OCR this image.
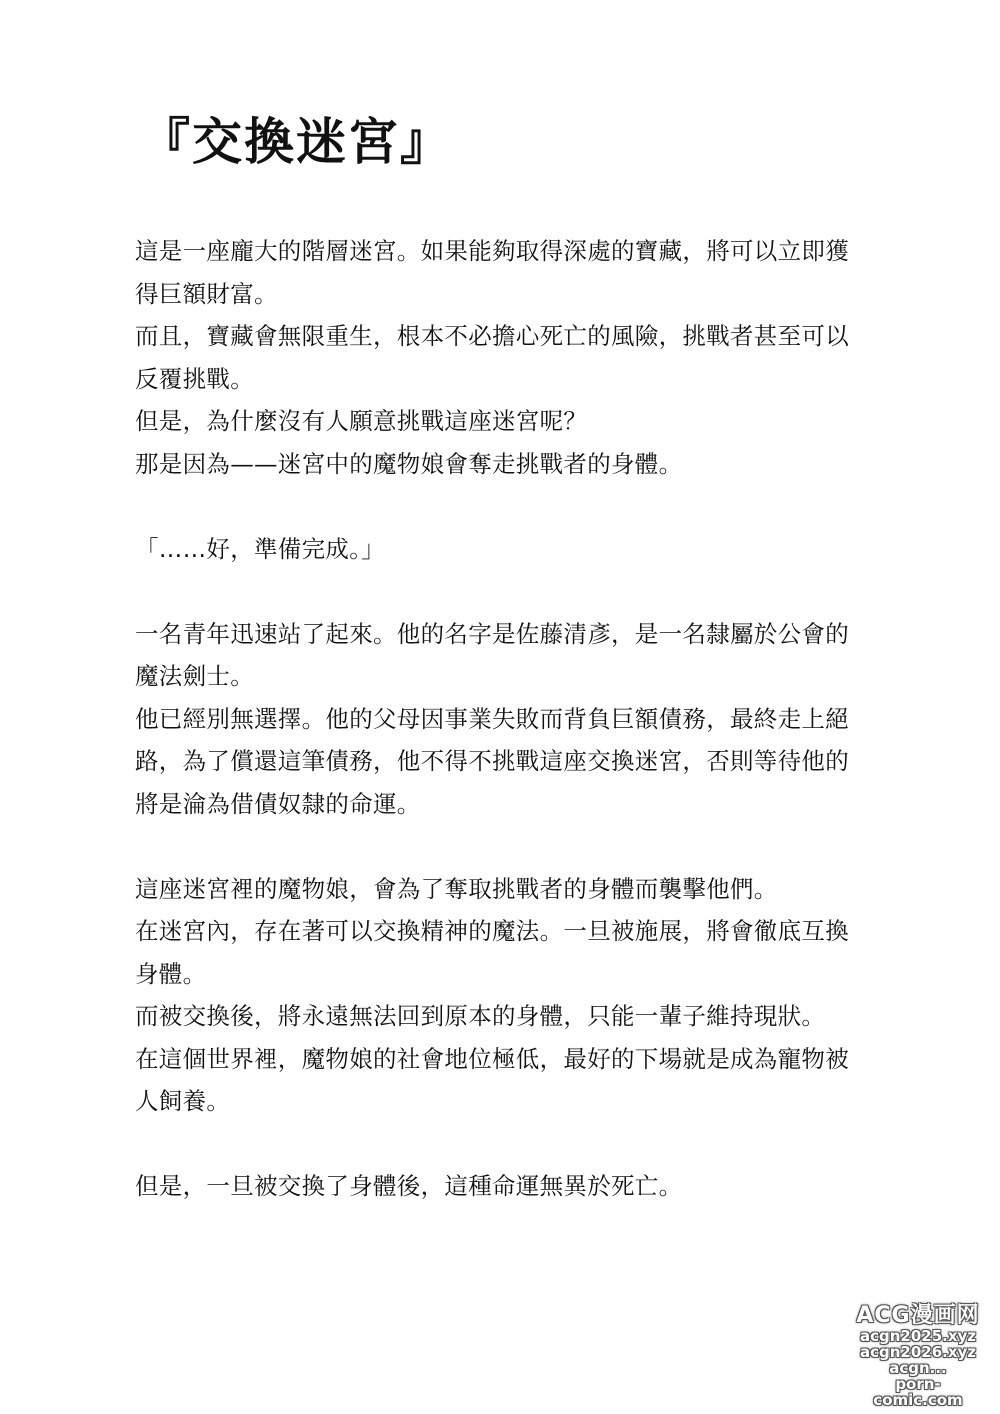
『交換迷宮』

這是一座龐大的階層迷宮。如果能夠取得深處的寶藏，將可以立即獲得巨額財富。

而且，寶藏會無限重生，根本不必擔心死亡的風險，挑戰者甚至可以反覆挑戰。

但是，為什麼沒有人願意挑戰這座迷宮呢？

那是因為——迷宮中的魔物娘會奪走挑戰者的身體。

「……好，準備完成。」

一名青年迅速站了起來。他的名字是佐藤清彥，是一名隸屬於公會的魔法劍士。

他已經別無選擇。他的父母因事業失敗而背負巨額債務，最終走上絕路，為了償還這筆債務，他不得不挑戰這座交換迷宮，否則等待他的將是淪為借債奴隸的命運。

這座迷宮裡的魔物娘，會為了奪取挑戰者的身體而襲擊他們。

在迷宮內，存在著可以交換精神的魔法。一旦被施展，將會徹底互換身體。

而被交換後，將永遠無法回到原本的身體，只能一輩子維持現狀。

在這個世界裡，魔物娘的社會地位極低，最好的下場就是成為寵物被人飼養。

但是，一旦被交換了身體後，這種命運無異於死亡。

ACG漫画网
acgn2025.xyz
acgn2026.xyz
acgn...
porn-comic.com
